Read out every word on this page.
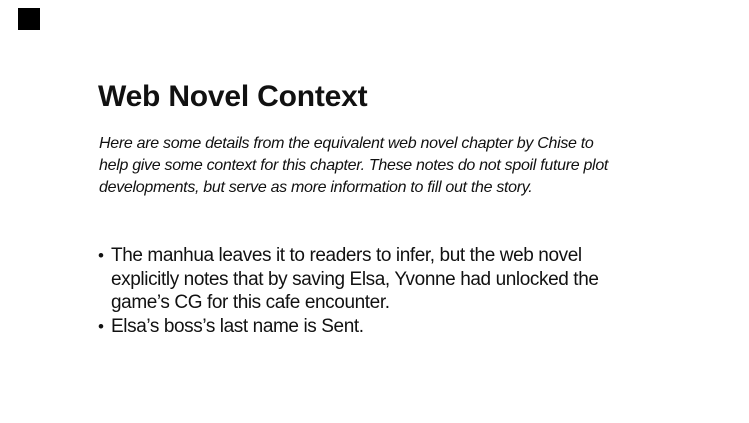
Web Novel Context
Here are some details from the equivalent web novel chapter by Chise to
help give some context for this chapter. These notes do not spoil future plot
developments, but serve as more information to fill out the story.
• The manhua leaves it to readers to infer, but the web novel
explicitly notes that by saving Elsa, Yvonne had unlocked the
game’s CG for this cafe encounter.
• Elsa’s boss’s last name is Sent.
